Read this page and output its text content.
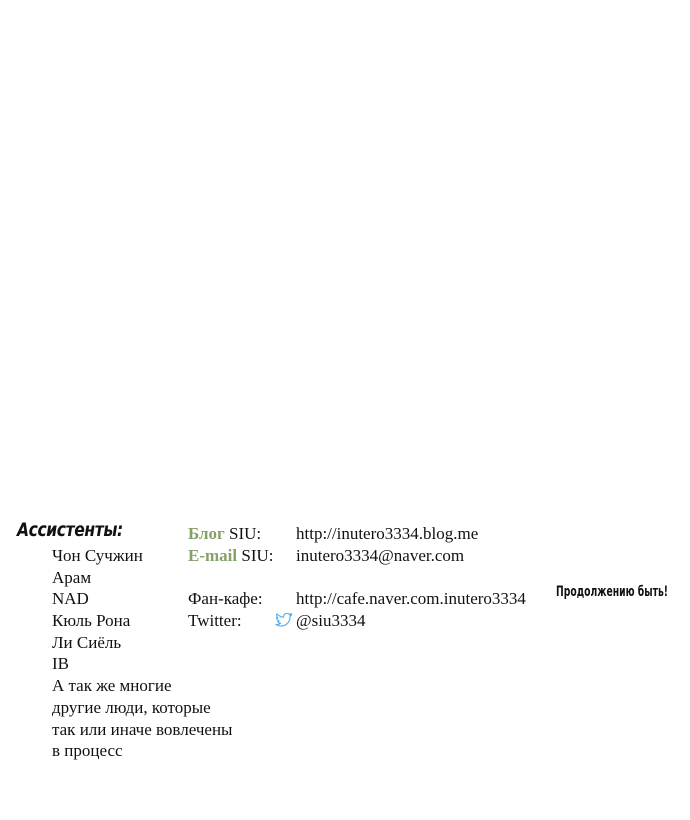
Ассистенты:
Чон Сучжин
Арам
NAD
Кюль Рона
Ли Сиёль
IB
А так же многие
другие люди, которые
так или иначе вовлечены
в процесс
Блог SIU: http://inutero3334.blog.me
E-mail SIU: inutero3334@naver.com
Фан-кафе: http://cafe.naver.com.inutero3334
Twitter:	@siu3334
Продолжению быть!
